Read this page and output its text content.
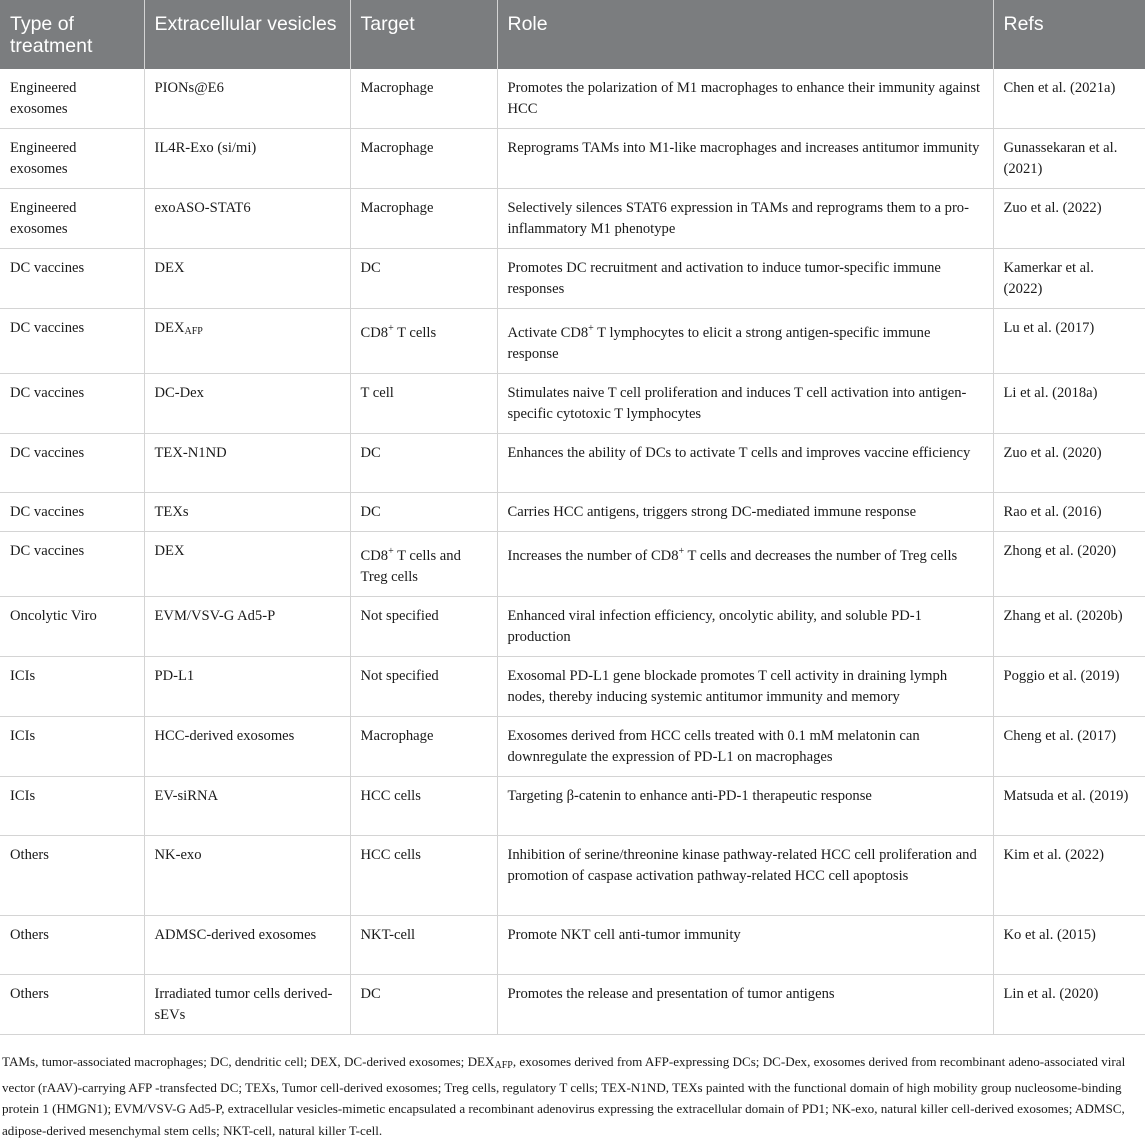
Type of treatment	Extracellular vesicles	Target	Role	Refs
Engineered exosomes	PIONs@E6	Macrophage	Promotes the polarization of M1 macrophages to enhance their immunity against HCC	Chen et al. (2021a)
Engineered exosomes	IL4R-Exo (si/mi)	Macrophage	Reprograms TAMs into M1-like macrophages and increases antitumor immunity	Gunassekaran et al. (2021)
Engineered exosomes	exoASO-STAT6	Macrophage	Selectively silences STAT6 expression in TAMs and reprograms them to a pro-inflammatory M1 phenotype	Zuo et al. (2022)
DC vaccines	DEX	DC	Promotes DC recruitment and activation to induce tumor-specific immune responses	Kamerkar et al. (2022)
DC vaccines	$DEX_{AFP}$	CD8+ T cells	Activate CD8+ T lymphocytes to elicit a strong antigen-specific immune response	Lu et al. (2017)
DC vaccines	DC-Dex	T cell	Stimulates naive T cell proliferation and induces T cell activation into antigen-specific cytotoxic T lymphocytes	Li et al. (2018a)
DC vaccines	TEX-N1ND	DC	Enhances the ability of DCs to activate T cells and improves vaccine efficiency	Zuo et al. (2020)
DC vaccines	TEXs	DC	Carries HCC antigens, triggers strong DC-mediated immune response	Rao et al. (2016)
DC vaccines	DEX	CD8+ T cells and Treg cells	Increases the number of CD8+ T cells and decreases the number of Treg cells	Zhong et al. (2020)
Oncolytic Viro	EVM/VSV-G Ad5-P	Not specified	Enhanced viral infection efficiency, oncolytic ability, and soluble PD-1 production	Zhang et al. (2020b)
ICIs	PD-L1	Not specified	Exosomal PD-L1 gene blockade promotes T cell activity in draining lymph nodes, thereby inducing systemic antitumor immunity and memory	Poggio et al. (2019)
ICIs	HCC-derived exosomes	Macrophage	Exosomes derived from HCC cells treated with 0.1 mM melatonin can downregulate the expression of PD-L1 on macrophages	Cheng et al. (2017)
ICIs	EV-siRNA	HCC cells	Targeting β-catenin to enhance anti-PD-1 therapeutic response	Matsuda et al. (2019)
Others	NK-exo	HCC cells	Inhibition of serine/threonine kinase pathway-related HCC cell proliferation and promotion of caspase activation pathway-related HCC cell apoptosis	Kim et al. (2022)
Others	ADMSC-derived exosomes	NKT-cell	Promote NKT cell anti-tumor immunity	Ko et al. (2015)
Others	Irradiated tumor cells derived-sEVs	DC	Promotes the release and presentation of tumor antigens	Lin et al. (2020)
TAMs, tumor-associated macrophages; DC, dendritic cell; DEX, DC-derived exosomes; $DEX_{AFP}$, exosomes derived from AFP-expressing DCs; DC-Dex, exosomes derived from recombinant adeno-associated viral vector (rAAV)-carrying AFP -transfected DC; TEXs, Tumor cell-derived exosomes; Treg cells, regulatory T cells; TEX-N1ND, TEXs painted with the functional domain of high mobility group nucleosome-binding protein 1 (HMGN1); EVM/VSV-G Ad5-P, extracellular vesicles-mimetic encapsulated a recombinant adenovirus expressing the extracellular domain of PD1; NK-exo, natural killer cell-derived exosomes; ADMSC, adipose-derived mesenchymal stem cells; NKT-cell, natural killer T-cell.
